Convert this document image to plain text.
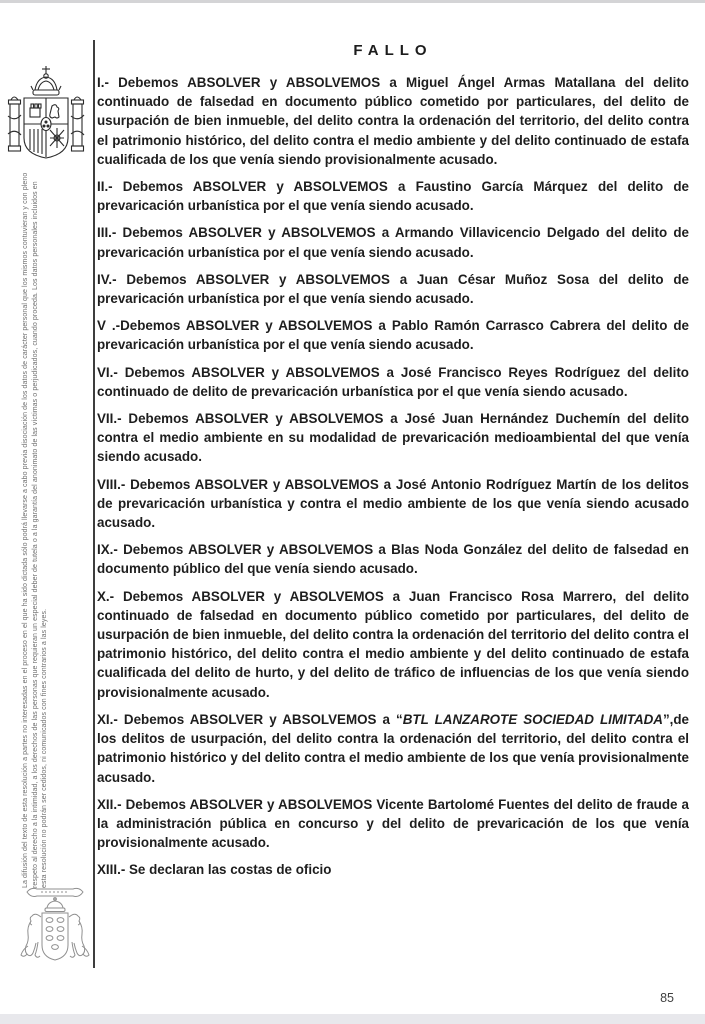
La difusión del texto de esta resolución a partes no interesadas en el proceso en el que ha sido dictada sólo podrá llevarse a cabo previa disociación de los datos de carácter personal que los mismos contuvieran y con pleno respeto al derecho a la intimidad, a los derechos de las personas que requieran un especial deber de tutela o a la garantía del anonimato de las víctimas o perjudicados, cuando proceda. Los datos personales incluidos en esta resolución no podrán ser cedidos, ni comunicados con fines contrarios a las leyes.
FALLO

I.- Debemos ABSOLVER y ABSOLVEMOS a Miguel Ángel Armas Matallana del delito continuado de falsedad en documento público cometido por particulares, del delito de usurpación de bien inmueble, del delito contra la ordenación del territorio, del delito contra el patrimonio histórico, del delito contra el medio ambiente y del delito continuado de estafa cualificada de los que venía siendo provisionalmente acusado.

II.- Debemos ABSOLVER y ABSOLVEMOS a Faustino García Márquez del delito de prevaricación urbanística por el que venía siendo acusado.

III.- Debemos ABSOLVER y ABSOLVEMOS a Armando Villavicencio Delgado del delito de prevaricación urbanística por el que venía siendo acusado.

IV.- Debemos ABSOLVER y ABSOLVEMOS a Juan César Muñoz Sosa del delito de prevaricación urbanística por el que venía siendo acusado.

V .-Debemos ABSOLVER y ABSOLVEMOS a Pablo Ramón Carrasco Cabrera del delito de prevaricación urbanística por el que venía siendo acusado.

VI.- Debemos ABSOLVER y ABSOLVEMOS a José Francisco Reyes Rodríguez del delito continuado de delito de prevaricación urbanística por el que venía siendo acusado.

VII.- Debemos ABSOLVER y ABSOLVEMOS a José Juan Hernández Duchemín del delito contra el medio ambiente en su modalidad de prevaricación medioambiental del que venía siendo acusado.

VIII.- Debemos ABSOLVER y ABSOLVEMOS a José Antonio Rodríguez Martín de los delitos de prevaricación urbanística y contra el medio ambiente de los que venía siendo acusado acusado.

IX.- Debemos ABSOLVER y ABSOLVEMOS a Blas Noda González del delito de falsedad en documento público del que venía siendo acusado.

X.- Debemos ABSOLVER y ABSOLVEMOS a Juan Francisco Rosa Marrero, del delito continuado de falsedad en documento público cometido por particulares, del delito de usurpación de bien inmueble, del delito contra la ordenación del territorio del delito contra el patrimonio histórico, del delito contra el medio ambiente y del delito continuado de estafa cualificada del delito de hurto, y del delito de tráfico de influencias de los que venía siendo provisionalmente acusado.

XI.- Debemos ABSOLVER y ABSOLVEMOS a “BTL LANZAROTE SOCIEDAD LIMITADA”,de los delitos de usurpación, del delito contra la ordenación del territorio, del delito contra el patrimonio histórico y del delito contra el medio ambiente de los que venía provisionalmente acusado.

XII.- Debemos ABSOLVER y ABSOLVEMOS Vicente Bartolomé Fuentes del delito de fraude a la administración pública en concurso y del delito de prevaricación de los que venía provisionalmente acusado.

XIII.- Se declaran las costas de oficio

85
